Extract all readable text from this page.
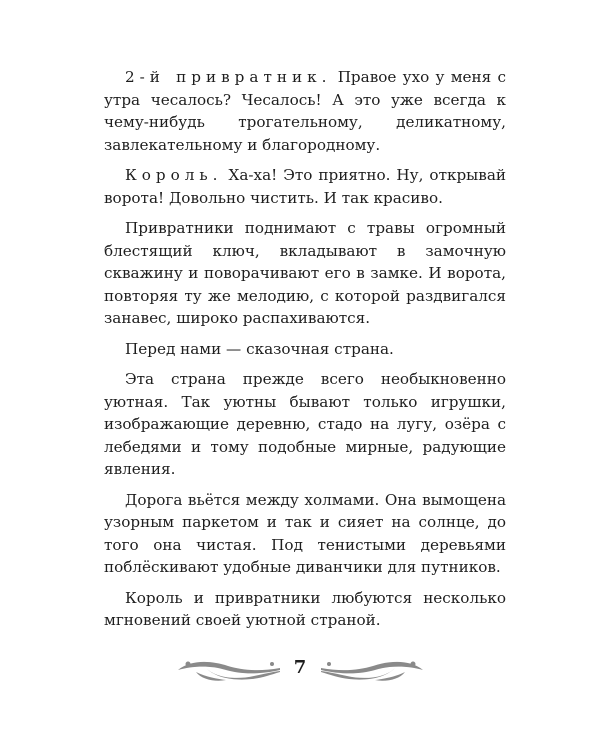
2-й привратник. Правое ухо у меня с утра чесалось? Чесалось! А это уже всегда к чему-нибудь трогательному, деликатному, завлекательному и благородному.

Король. Ха-ха! Это приятно. Ну, открывай ворота! Довольно чистить. И так красиво.

Привратники поднимают с травы огромный блестящий ключ, вкладывают в замочную скважину и поворачивают его в замке. И ворота, повторяя ту же мелодию, с которой раздвигался занавес, широко распахиваются.

Перед нами — сказочная страна.

Эта страна прежде всего необыкновенно уютная. Так уютны бывают только игрушки, изображающие деревню, стадо на лугу, озёра с лебедями и тому подобные мирные, радующие явления.

Дорога вьётся между холмами. Она вымощена узорным паркетом и так и сияет на солнце, до того она чистая. Под тенистыми деревьями поблёскивают удобные диванчики для путников.

Король и привратники любуются несколько мгновений своей уютной страной.

7
